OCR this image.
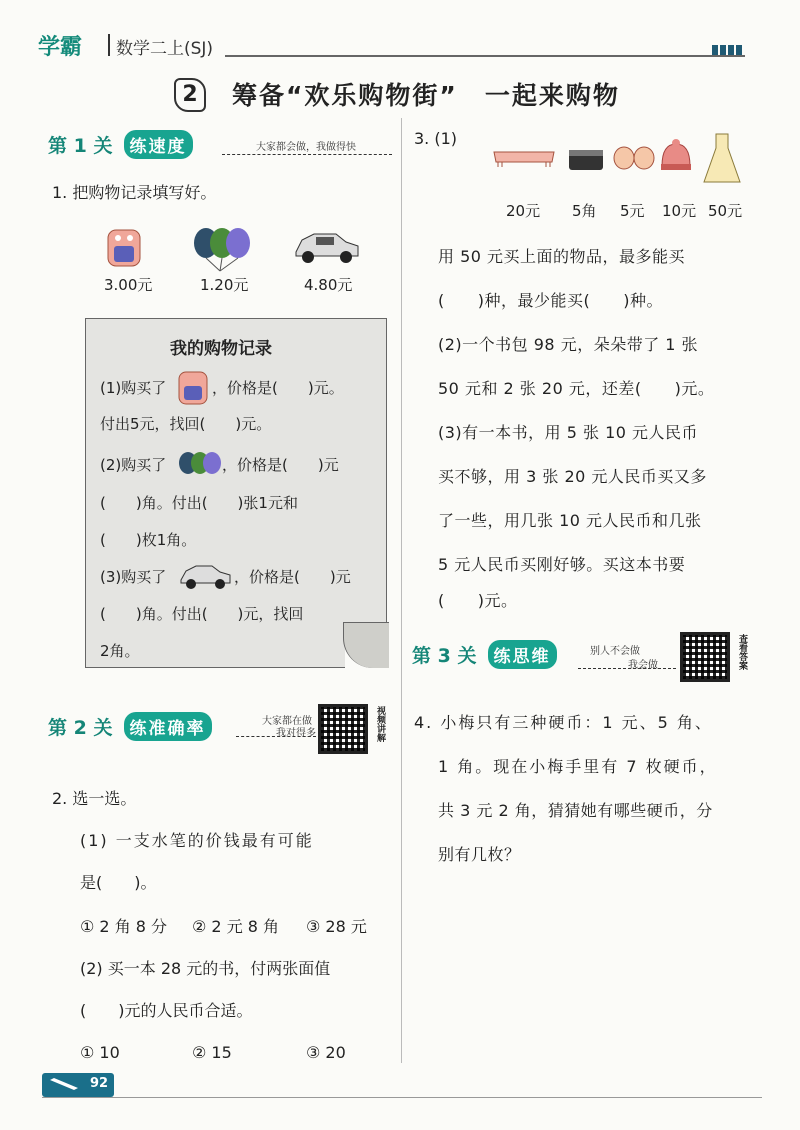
学霸 数学二上(SJ)
2	筹备“欢乐购物街”　一起来购物
第 1 关 练速度	大家都会做，我做得快
1. 把购物记录填写好。
3.00元	1.20元	4.80元
我的购物记录
(1)购买了	，价格是(　　)元。
付出5元，找回(　　)元。
(2)购买了	，价格是(　　)元
(　　)角。付出(　　)张1元和
(　　)枚1角。
(3)购买了	，价格是(　　)元
(　　)角。付出(　　)元，找回
2角。
第 2 关 练准确率	大家都在做
我对得多	视频讲解
2. 选一选。
(1) 一支水笔的价钱最有可能
是(　　)。
① 2 角 8 分 ② 2 元 8 角 ③ 28 元
(2) 买一本 28 元的书，付两张面值
(　　)元的人民币合适。
① 10	② 15	③ 20
3. (1)
20元 5角 5元 10元 50元
用 50 元买上面的物品，最多能买
(　　)种，最少能买(　　)种。
(2)一个书包 98 元，朵朵带了 1 张
50 元和 2 张 20 元，还差(　　)元。
(3)有一本书，用 5 张 10 元人民币
买不够，用 3 张 20 元人民币买又多
了一些，用几张 10 元人民币和几张
5 元人民币买刚好够。买这本书要
(　　)元。
第 3 关 练思维	别人不会做
我会做	查看答案
4. 小梅只有三种硬币：1 元、5 角、
1 角。现在小梅手里有 7 枚硬币，
共 3 元 2 角，猜猜她有哪些硬币，分
别有几枚？
92
